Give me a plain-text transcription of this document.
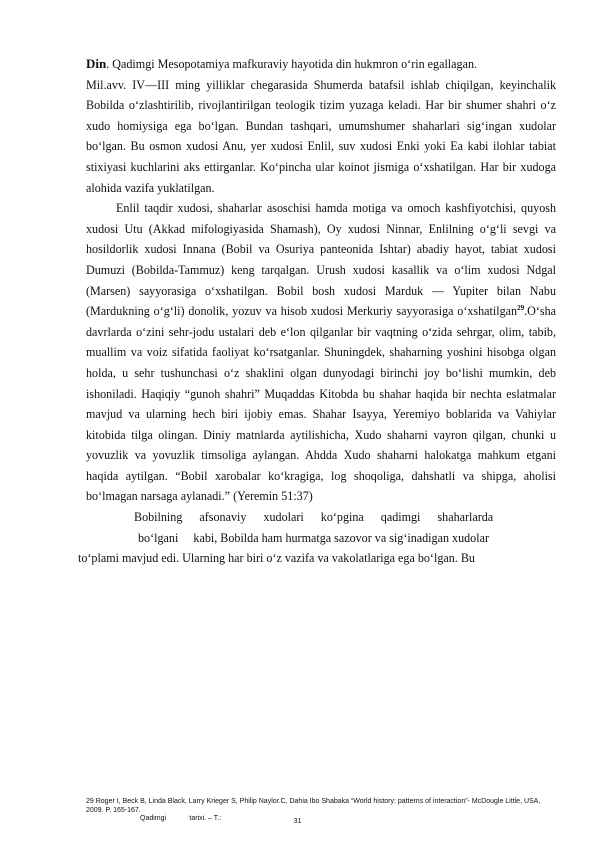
Din. Qadimgi Mesopotamiya mafkuraviy hayotida din hukmron o‘rin egallagan.

Mil.avv. IV—III ming yilliklar chegarasida Shumerda batafsil ishlab chiqilgan, keyinchalik Bobilda o‘zlashtirilib, rivojlantirilgan teologik tizim yuzaga keladi. Har bir shumer shahri o‘z xudo homiysiga ega bo‘lgan. Bundan tashqari, umumshumer shaharlari sig‘ingan xudolar bo‘lgan. Bu osmon xudosi Anu, yer xudosi Enlil, suv xudosi Enki yoki Ea kabi ilohlar tabiat stixiyasi kuchlarini aks ettirganlar. Ko‘pincha ular koinot jismiga o‘xshatilgan. Har bir xudoga alohida vazifa yuklatilgan.

Enlil taqdir xudosi, shaharlar asoschisi hamda motiga va omoch kashfiyotchisi, quyosh xudosi Utu (Akkad mifologiyasida Shamash), Oy xudosi Ninnar, Enlilning o‘g‘li sevgi va hosildorlik xudosi Innana (Bobil va Osuriya panteonida Ishtar) abadiy hayot, tabiat xudosi Dumuzi (Bobilda-Tammuz) keng tarqalgan. Urush xudosi kasallik va o‘lim xudosi Ndgal (Marsen) sayyorasiga o‘xshatilgan. Bobil bosh xudosi Marduk — Yupiter bilan Nabu (Mardukning o‘g‘li) donolik, yozuv va hisob xudosi Merkuriy sayyorasiga o‘xshatilgan$^{29}$.O‘sha davrlarda o‘zini sehr-jodu ustalari deb e‘lon qilganlar bir vaqtning o‘zida sehrgar, olim, tabib, muallim va voiz sifatida faoliyat ko‘rsatganlar. Shuningdek, shaharning yoshini hisobga olgan holda, u sehr tushunchasi o‘z shaklini olgan dunyodagi birinchi joy bo‘lishi mumkin, deb ishoniladi. Haqiqiy “gunoh shahri” Muqaddas Kitobda bu shahar haqida bir nechta eslatmalar mavjud va ularning hech biri ijobiy emas. Shahar Isayya, Yeremiyo boblarida va Vahiylar kitobida tilga olingan. Diniy matnlarda aytilishicha, Xudo shaharni vayron qilgan, chunki u yovuzlik va yovuzlik timsoliga aylangan. Ahdda Xudo shaharni halokatga mahkum etgani haqida aytilgan. “Bobil xarobalar ko‘kragiga, log shoqoliga, dahshatli va shipga, aholisi bo‘lmagan narsaga aylanadi.” (Yeremin 51:37)

Bobilning afsonaviy xudolari ko‘pgina qadimgi shaharlarda

bo‘lgani     kabi, Bobilda ham hurmatga sazovor va sig‘inadigan xudolar

to‘plami mavjud edi. Ularning har biri o‘z vazifa va vakolatlariga ega bo‘lgan. Bu

29 Roger I, Beck B, Linda Black, Larry Krieger S, Philip Naylor.C, Dahia Ibo Shabaka “World history: patterns of interaction”- McDougle Little, USA, 2009. P. 165-167.
Qadimgi            tarixi. – T.:	31
